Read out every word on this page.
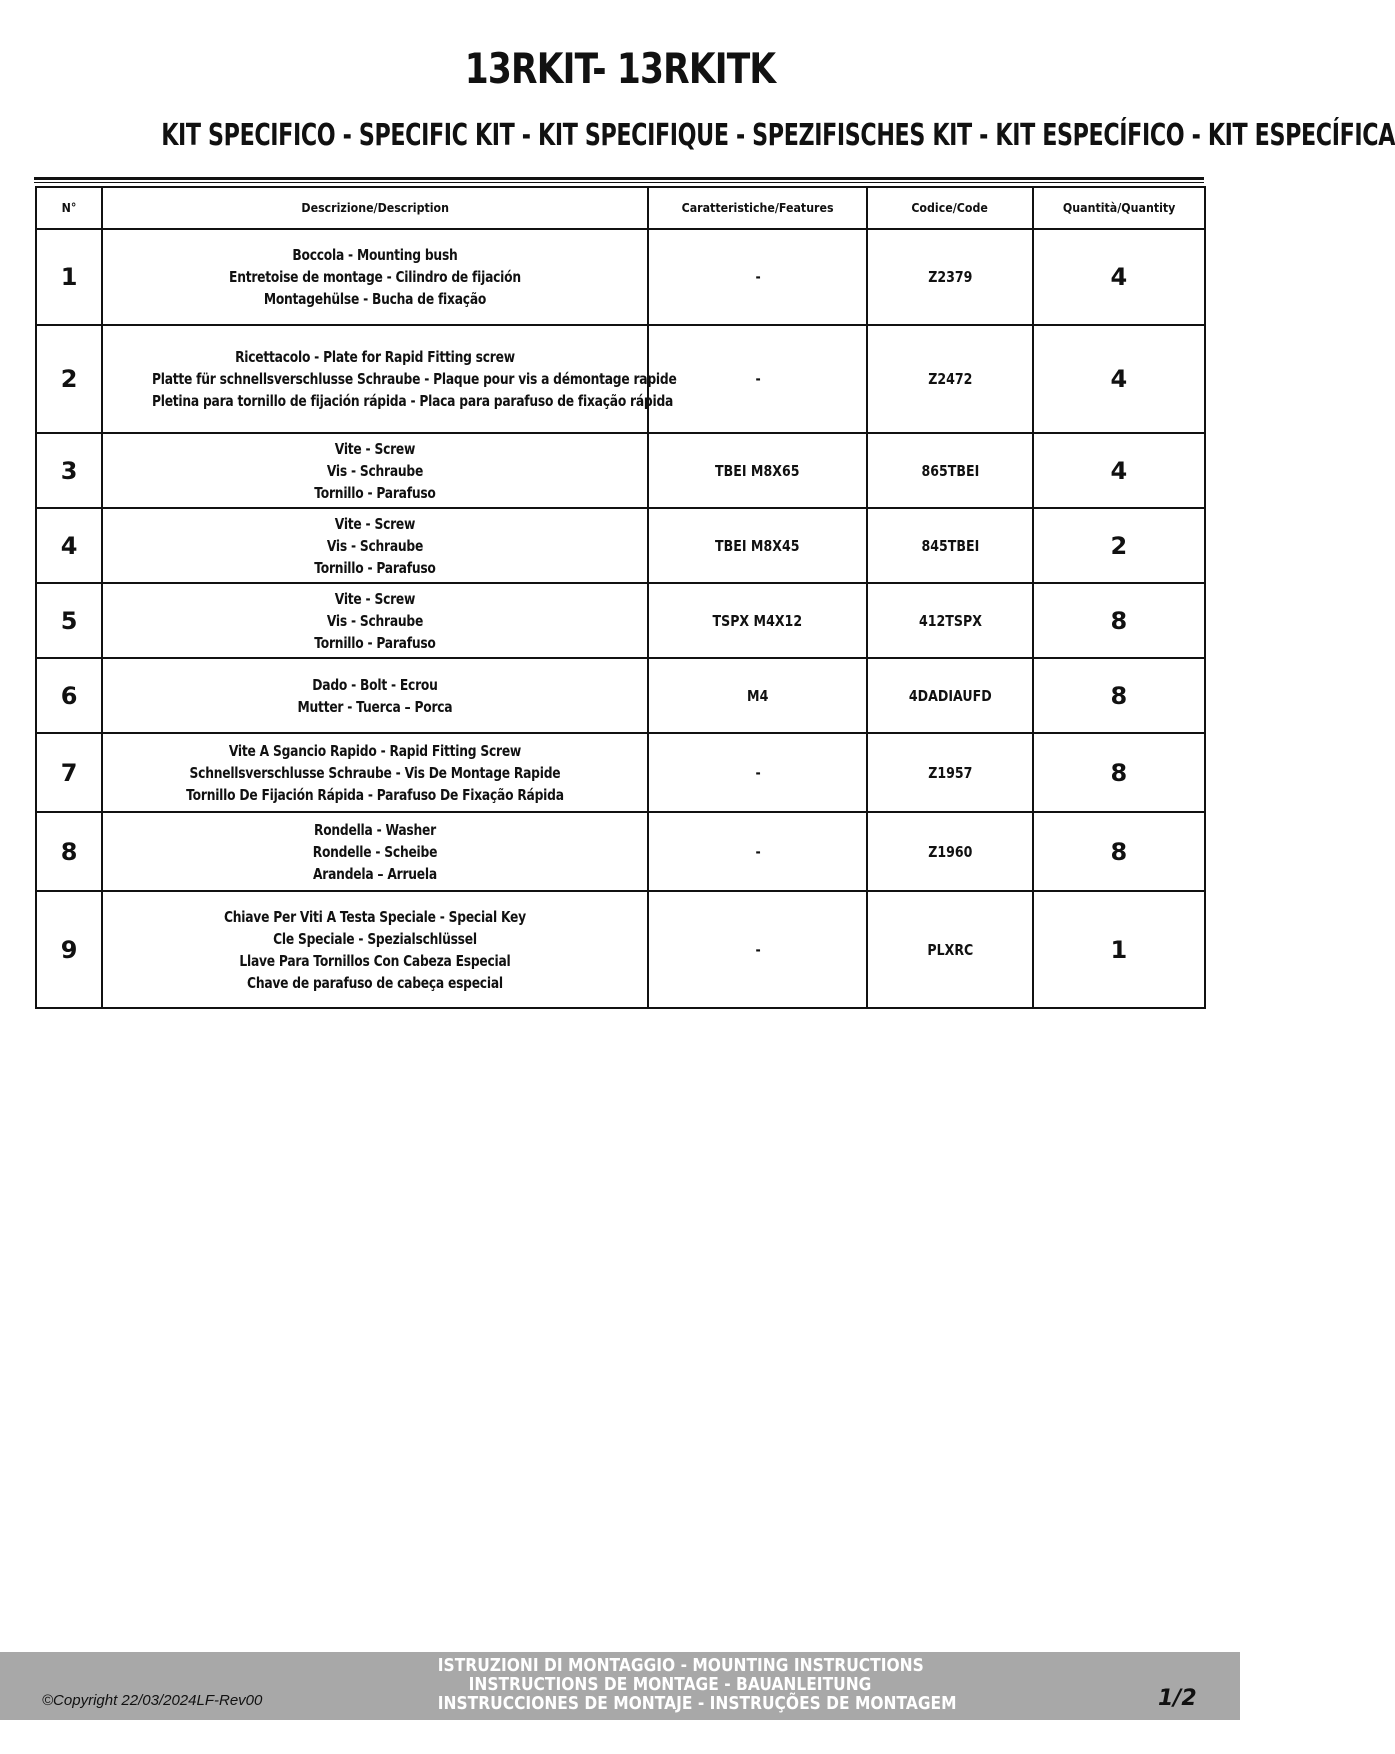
13RKIT- 13RKITK
KIT SPECIFICO - SPECIFIC KIT - KIT SPECIFIQUE - SPEZIFISCHES KIT - KIT ESPECÍFICO - KIT ESPECÍFICA
N°	Descrizione/Description	Caratteristiche/Features	Codice/Code	Quantità/Quantity
1	Boccola - Mounting bush
Entretoise de montage - Cilindro de fijación
Montagehülse - Bucha de fixação	-	Z2379	4
2	Ricettacolo - Plate for Rapid Fitting screw
Platte für schnellsverschlusse Schraube - Plaque pour vis a démontage rapide
Pletina para tornillo de fijación rápida - Placa para parafuso de fixação rápida	-	Z2472	4
3	Vite - Screw
Vis - Schraube
Tornillo - Parafuso	TBEI M8X65	865TBEI	4
4	Vite - Screw
Vis - Schraube
Tornillo - Parafuso	TBEI M8X45	845TBEI	2
5	Vite - Screw
Vis - Schraube
Tornillo - Parafuso	TSPX M4X12	412TSPX	8
6	Dado - Bolt - Ecrou
Mutter - Tuerca – Porca	M4	4DADIAUFD	8
7	Vite A Sgancio Rapido - Rapid Fitting Screw
Schnellsverschlusse Schraube - Vis De Montage Rapide
Tornillo De Fijación Rápida - Parafuso De Fixação Rápida	-	Z1957	8
8	Rondella - Washer
Rondelle - Scheibe
Arandela – Arruela	-	Z1960	8
9	Chiave Per Viti A Testa Speciale - Special Key
Cle Speciale - Spezialschlüssel
Llave Para Tornillos Con Cabeza Especial
Chave de parafuso de cabeça especial	-	PLXRC	1
ISTRUZIONI DI MONTAGGIO - MOUNTING INSTRUCTIONS
INSTRUCTIONS DE MONTAGE - BAUANLEITUNG
INSTRUCCIONES DE MONTAJE - INSTRUÇÕES DE MONTAGEM
©Copyright 22/03/2024LF-Rev00	1/2
